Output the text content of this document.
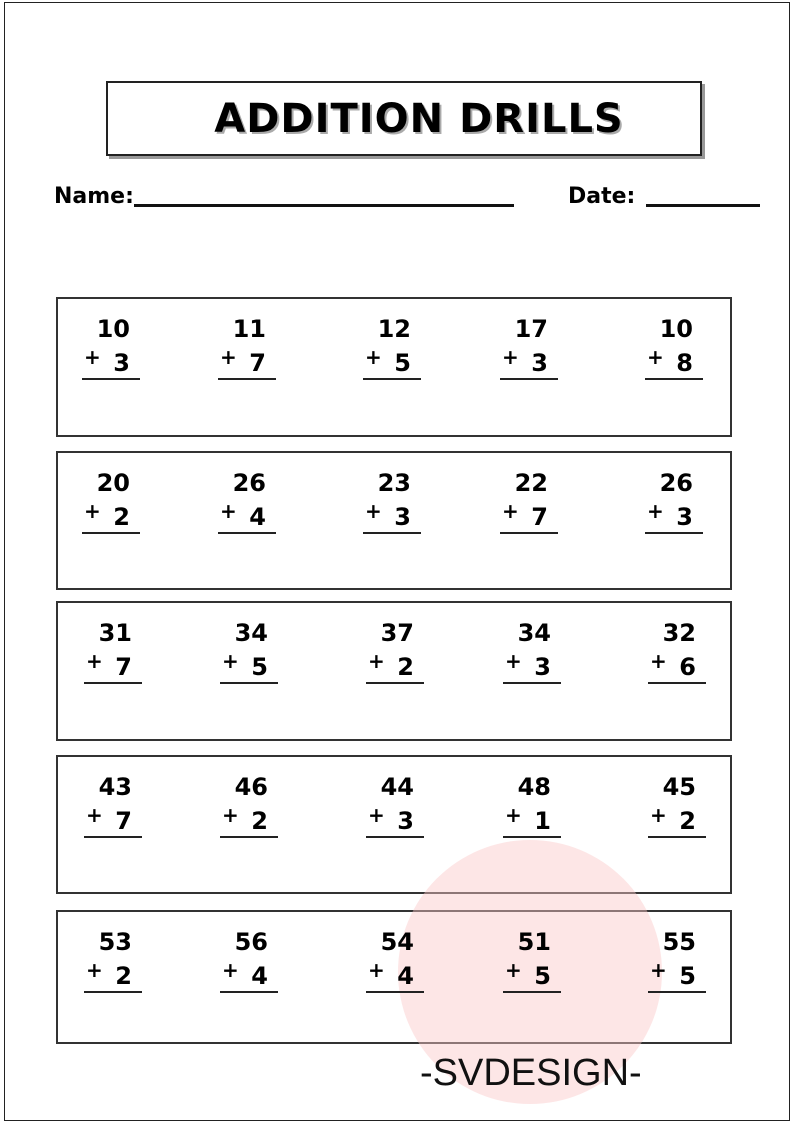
ADDITION DRILLS
Name:	Date:
-SVDESIGN-
10
+ 3
11
+ 7
12
+ 5
17
+ 3
10
+ 8
20
+ 2
26
+ 4
23
+ 3
22
+ 7
26
+ 3
31
+ 7
34
+ 5
37
+ 2
34
+ 3
32
+ 6
43
+ 7
46
+ 2
44
+ 3
48
+ 1
45
+ 2
53
+ 2
56
+ 4
54
+ 4
51
+ 5
55
+ 5
